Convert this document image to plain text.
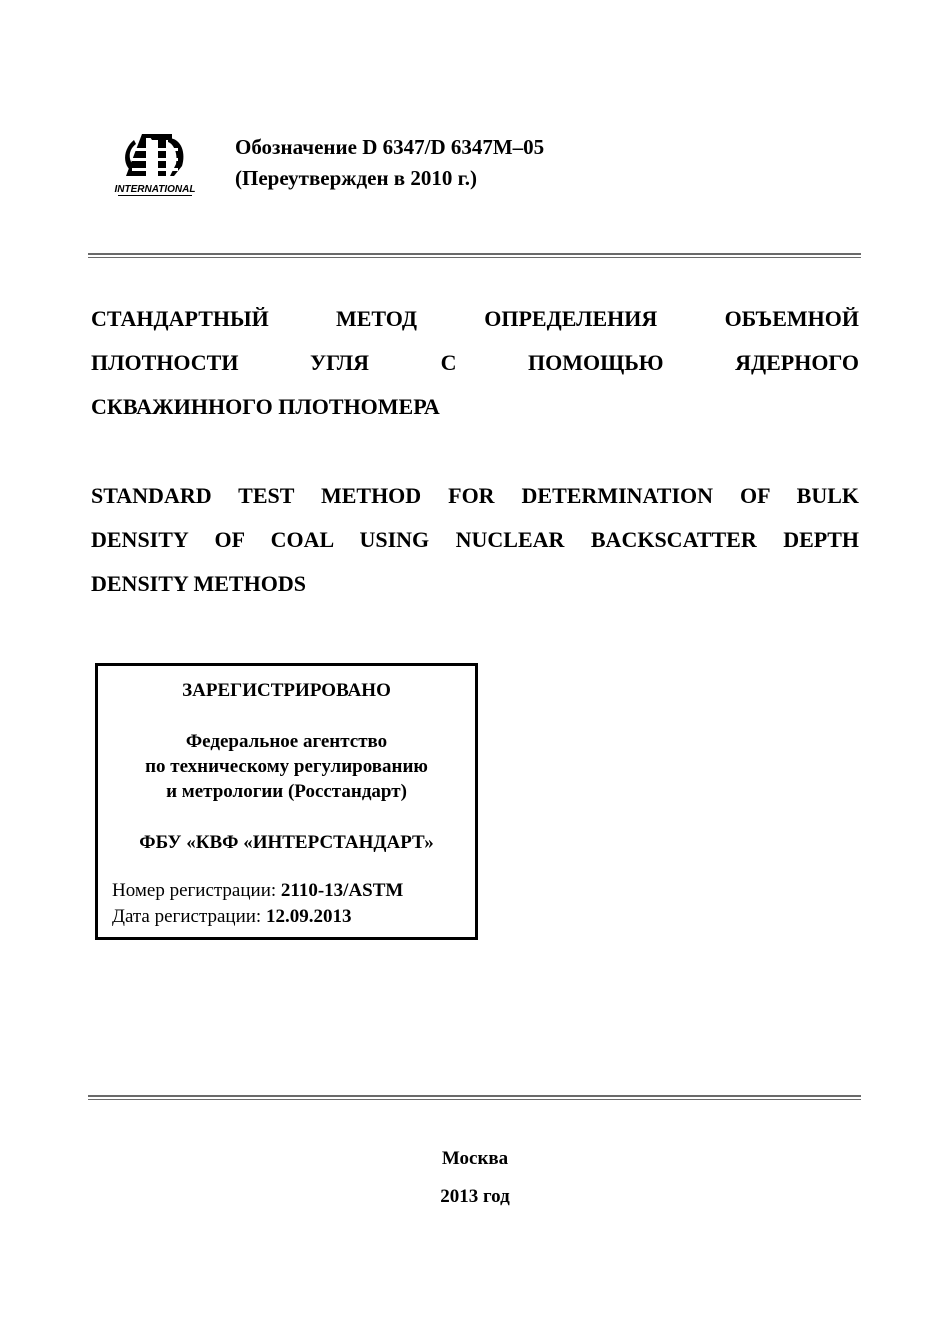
INTERNATIONAL
Обозначение D 6347/D 6347M–05
(Переутвержден в 2010 г.)
СТАНДАРТНЫЙ МЕТОД ОПРЕДЕЛЕНИЯ ОБЪЕМНОЙ
ПЛОТНОСТИ УГЛЯ С ПОМОЩЬЮ ЯДЕРНОГО
СКВАЖИННОГО ПЛОТНОМЕРА
STANDARD TEST METHOD FOR DETERMINATION OF BULK
DENSITY OF COAL USING NUCLEAR BACKSCATTER DEPTH
DENSITY METHODS
ЗАРЕГИСТРИРОВАНО
Федеральное агентство
по техническому регулированию
и метрологии (Росстандарт)
ФБУ «КВФ «ИНТЕРСТАНДАРТ»
Номер регистрации: 2110-13/ASTM
Дата регистрации: 12.09.2013
Москва
2013 год
